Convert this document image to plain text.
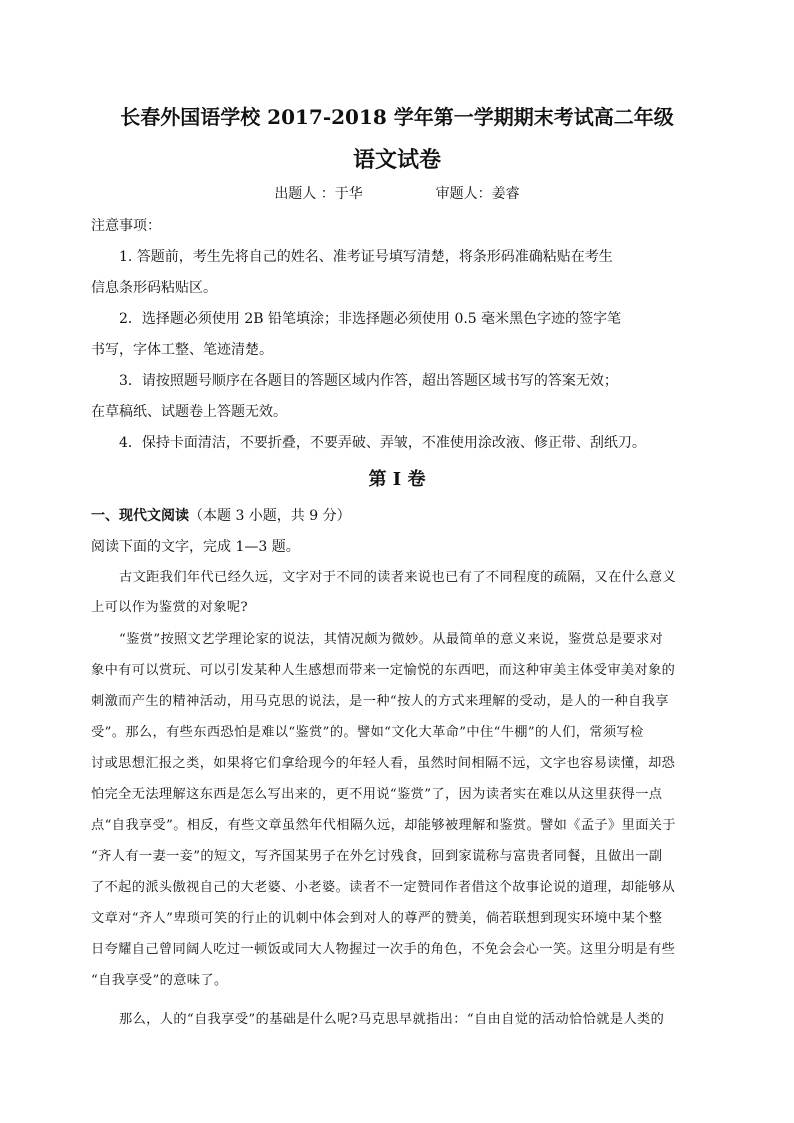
长春外国语学校 2017-2018 学年第一学期期末考试高二年级
语文试卷
出题人 ：于华	审题人：姜睿
注意事项：
1. 答题前，考生先将自己的姓名、准考证号填写清楚，将条形码准确粘贴在考生
信息条形码粘贴区。
2．选择题必须使用 2B 铅笔填涂；非选择题必须使用 0.5 毫米黑色字迹的签字笔
书写，字体工整、笔迹清楚。
3．请按照题号顺序在各题目的答题区域内作答，超出答题区域书写的答案无效；
在草稿纸、试题卷上答题无效。
4．保持卡面清洁，不要折叠，不要弄破、弄皱，不准使用涂改液、修正带、刮纸刀。
第 I 卷
一、现代文阅读（本题 3 小题，共 9 分）
阅读下面的文字，完成 1—3 题。
古文距我们年代已经久远，文字对于不同的读者来说也已有了不同程度的疏隔，又在什么意义
上可以作为鉴赏的对象呢?
“鉴赏”按照文艺学理论家的说法，其情况颇为微妙。从最简单的意义来说，鉴赏总是要求对
象中有可以赏玩、可以引发某种人生感想而带来一定愉悦的东西吧，而这种审美主体受审美对象的
刺激而产生的精神活动，用马克思的说法，是一种“按人的方式来理解的受动，是人的一种自我享
受”。那么，有些东西恐怕是难以“鉴赏”的。譬如“文化大革命”中住“牛棚”的人们，常须写检
讨或思想汇报之类，如果将它们拿给现今的年轻人看，虽然时间相隔不远，文字也容易读懂，却恐
怕完全无法理解这东西是怎么写出来的，更不用说“鉴赏”了，因为读者实在难以从这里获得一点
点“自我享受”。相反，有些文章虽然年代相隔久远，却能够被理解和鉴赏。譬如《孟子》里面关于
“齐人有一妻一妾”的短文，写齐国某男子在外乞讨残食，回到家谎称与富贵者同餐，且做出一副
了不起的派头傲视自己的大老婆、小老婆。读者不一定赞同作者借这个故事论说的道理，却能够从
文章对“齐人”卑琐可笑的行止的讥刺中体会到对人的尊严的赞美，倘若联想到现实环境中某个整
日夸耀自己曾同阔人吃过一顿饭或同大人物握过一次手的角色，不免会会心一笑。这里分明是有些
“自我享受”的意味了。
那么，人的“自我享受”的基础是什么呢?马克思早就指出：“自由自觉的活动恰恰就是人类的
